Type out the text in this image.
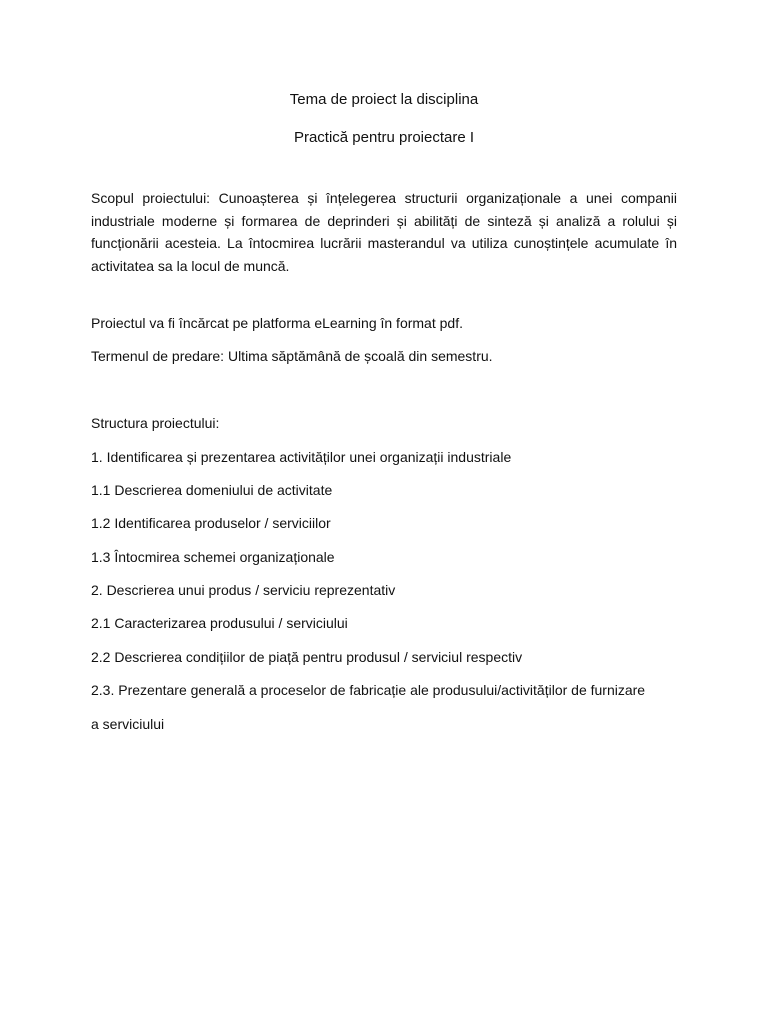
Tema de proiect la disciplina
Practică pentru proiectare I

Scopul proiectului: Cunoașterea și înțelegerea structurii organizaționale a unei companii industriale moderne și formarea de deprinderi și abilități de sinteză și analiză a rolului și funcționării acesteia. La întocmirea lucrării masterandul va utiliza cunoștințele acumulate în activitatea sa la locul de muncă.

Proiectul va fi încărcat pe platforma eLearning în format pdf.

Termenul de predare: Ultima săptămână de școală din semestru.

Structura proiectului:

1. Identificarea și prezentarea activităților unei organizații industriale

1.1 Descrierea domeniului de activitate

1.2 Identificarea produselor / serviciilor

1.3 Întocmirea schemei organizaționale

2. Descrierea unui produs / serviciu reprezentativ

2.1 Caracterizarea produsului / serviciului

2.2 Descrierea condițiilor de piață pentru produsul / serviciul respectiv

2.3. Prezentare generală a proceselor de fabricație ale produsului/activităților de furnizare

a serviciului
